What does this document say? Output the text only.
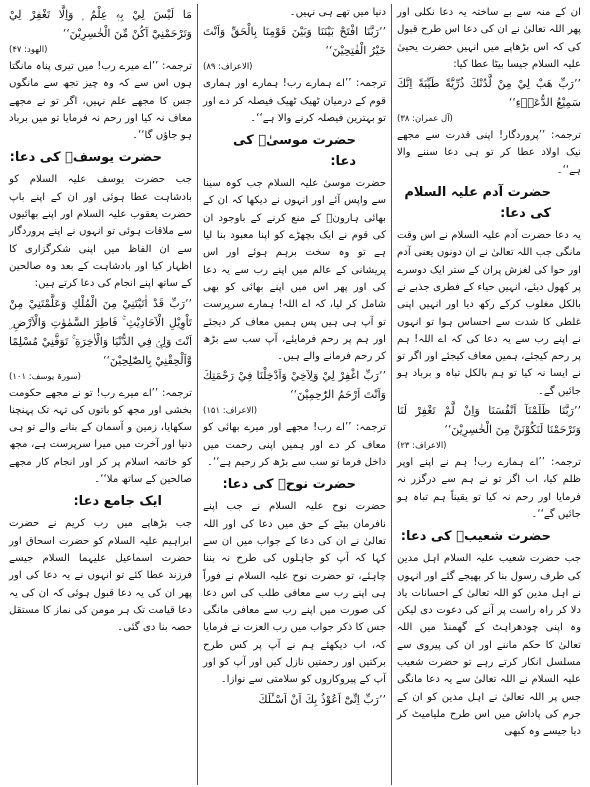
ان کے منہ سے بے ساختہ یہ دعا نکلی اور پھر اللہ تعالیٰ نے ان کی دعا اس طرح قبول کی کہ اس بڑھاپے میں انہیں حضرت یحییٰ علیہ السلام جیسا بیٹا عطا کیا:
’’رَبِّ هَبْ لِيْ مِنْ لَّدُنْكَ ذُرِّيَّةً طَيِّبَةً اِنَّكَ سَمِيْعُ الدُّعَاۗءِ‘‘
(آل عمران: ۳۸)
ترجمہ: ’’پروردگار! اپنی قدرت سے مجھے نیک اولاد عطا کر تو ہی دعا سننے والا ہے‘‘۔
حضرت آدم علیہ السلام کی دعا:
یہ دعا حضرت آدم علیہ السلام نے اس وقت مانگی جب اللہ تعالیٰ نے ان دونوں یعنی آدم اور حوا کی لغزش پران کے ستر ایک دوسرے پر کھول دیئے، انہیں حیاء کے فطری جذبے نے بالکل مغلوب کرکے رکھ دیا اور انہیں اپنی غلطی کا شدت سے احساس ہوا تو انہوں نے اپنے رب سے یہ دعا کی کہ اے اللہ! ہم پر رحم کیجئے، ہمیں معاف کیجئے اور اگر تو نے ایسا نہ کیا تو ہم بالکل تباہ و برباد ہو جائیں گے۔
’’رَبَّنَا ظَلَمْنَآ اَنْفُسَنَا وَاِنْ لَّمْ تَغْفِرْ لَنَا وَتَرْحَمْنَا لَنَكُوْنَنَّ مِنَ الْخٰسِرِيْنَ‘‘
(الاعراف: ۲۳)
ترجمہ: ’’اے ہمارے رب! ہم نے اپنے اوپر ظلم کیا، اب اگر تو نے ہم سے درگزر نہ فرمایا اور رحم نہ کیا تو یقیناً ہم تباہ ہو جائیں گے‘‘۔
حضرت شعیبؑ کی دعا:
جب حضرت شعیب علیہ السلام اہل مدین کی طرف رسول بنا کر بھیجے گئے اور انہوں نے اہل مدین کو اللہ تعالیٰ کے احسانات یاد دلا کر راہ راست پر آنے کی دعوت دی لیکن وہ اپنی چودھراہٹ کے گھمنڈ میں اللہ تعالیٰ کا حکم ماننے اور ان کی پیروی سے مسلسل انکار کرتے رہے تو حضرت شعیب علیہ السلام نے اللہ تعالیٰ سے یہ دعا مانگی جس پر اللہ تعالیٰ نے اہل مدین کو ان کے جرم کی پاداش میں اس طرح ملیامیٹ کر دیا جیسے وہ کبھی
دنیا میں تھے ہی نہیں۔
’’رَبَّنَا افْتَحْ بَيْنَنَا وَبَيْنَ قَوْمِنَا بِالْحَقِّ وَاَنْتَ خَيْرُ الْفٰتِحِيْنَ‘‘
(الاعراف: ۸۹)
ترجمہ: ’’اے ہمارے رب! ہمارے اور ہماری قوم کے درمیان ٹھیک ٹھیک فیصلہ کر دے اور تو بہترین فیصلہ کرنے والا ہے‘‘۔
حضرت موسیٰؑ کی دعا:
حضرت موسیٰ علیہ السلام جب کوہ سینا سے واپس آئے اور انہوں نے دیکھا کہ ان کے بھائی ہارونؑ کے منع کرنے کے باوجود ان کی قوم نے ایک بچھڑے کو اپنا معبود بنا لیا ہے تو وہ سخت برہم ہوئے اور اس پریشانی کے عالم میں اپنے رب سے یہ دعا کی اور پھر اس میں اپنے بھائی کو بھی شامل کر لیا، کہ اے اللہ! ہمارے سرپرست تو آپ ہی ہیں پس ہمیں معاف کر دیجئے اور ہم پر رحم فرمایئے، آپ سب سے بڑھ کر رحم فرمانے والے ہیں۔
’’رَبِّ اغْفِرْ لِيْ وَلِاَخِيْ وَاَدْخِلْنَا فِيْ رَحْمَتِكَ وَاَنْتَ اَرْحَمُ الرّٰحِمِيْنَ‘‘
(الاعراف: ۱۵۱)
ترجمہ: ’’اے رب! مجھے اور میرے بھائی کو معاف کر دے اور ہمیں اپنی رحمت میں داخل فرما تو سب سے بڑھ کر رحیم ہے‘‘۔
حضرت نوحؑ کی دعا:
حضرت نوح علیہ السلام نے جب اپنے نافرمان بیٹے کے حق میں دعا کی اور اللہ تعالیٰ نے ان کی دعا کے جواب میں ان سے کہا کہ آپ کو جاہلوں کی طرح نہ بننا چاہئے، تو حضرت نوح علیہ السلام نے فوراً ہی اپنے رب سے معافی طلب کی اس دعا کی صورت میں اپنے رب سے معافی مانگی جس کا ذکر جواب میں رب العزت نے فرمایا کہ، اب دیکھئے ہم نے آپ پر کس طرح برکتیں اور رحمتیں نازل کیں اور آپ کو اور آپ کے پیروکاروں کو سلامتی سے نوازا۔
’’رَبِّ اِنِّىْٓ اَعُوْذُ بِكَ اَنْ اَسْـَٔلَكَ
مَا لَيْسَ لِيْ بِهٖ عِلْمٌ ۭ وَاِلَّا تَغْفِرْ لِيْ وَتَرْحَمْنِيْٓ اَكُنْ مِّنَ الْخٰسِرِيْنَ‘‘
(الھود: ۴۷)
ترجمہ: ’’اے میرے رب! میں تیری پناہ مانگتا ہوں اس سے کہ وہ چیز تجھ سے مانگوں جس کا مجھے علم نہیں، اگر تو نے مجھے معاف نہ کیا اور رحم نہ فرمایا تو میں برباد ہو جاؤں گا‘‘۔
حضرت یوسفؑ کی دعا:
جب حضرت یوسف علیہ السلام کو بادشاہت عطا ہوئی اور ان کے اپنے باپ حضرت یعقوب علیہ السلام اور اپنے بھائیوں سے ملاقات ہوئی تو انہوں نے اپنے پروردگار سے ان الفاظ میں اپنی شکرگزاری کا اظہار کیا اور بادشاہت کے بعد وہ صالحین کے ساتھ اپنے انجام کی دعا کرتے ہیں:
’’رَبِّ قَدْ اٰتَيْتَنِيْ مِنَ الْمُلْكِ وَعَلَّمْتَنِيْ مِنْ تَاْوِيْلِ الْاَحَادِيْثِ ۚ فَاطِرَ السَّمٰوٰتِ وَالْاَرْضِ ۣ اَنْتَ وَلِيّٖ فِي الدُّنْيَا وَالْاٰخِرَةِ ۚ تَوَفَّنِيْ مُسْلِمًا وَّاَلْحِقْنِيْ بِالصّٰلِحِيْنَ‘‘
(سورۃ یوسف: ۱۰۱)
ترجمہ: ’’اے میرے رب! تو نے مجھے حکومت بخشی اور مجھ کو باتوں کی تہہ تک پہنچنا سکھایا، زمین و آسمان کے بنانے والے تو ہی دنیا اور آخرت میں میرا سرپرست ہے، مجھ کو خاتمہ اسلام پر کر اور انجام کار مجھے صالحین کے ساتھ ملا‘‘۔
ایک جامع دعا:
جب بڑھاپے میں رب کریم نے حضرت ابراہیم علیہ السلام کو حضرت اسحاق اور حضرت اسماعیل علیہما السلام جیسے فرزند عطا کئے تو انہوں نے یہ دعا کی اور پھر ان کی یہ دعا قبول ہوئی کہ ان کی یہ دعا قیامت تک ہر مومن کی نماز کا مستقل حصہ بنا دی گئی۔
